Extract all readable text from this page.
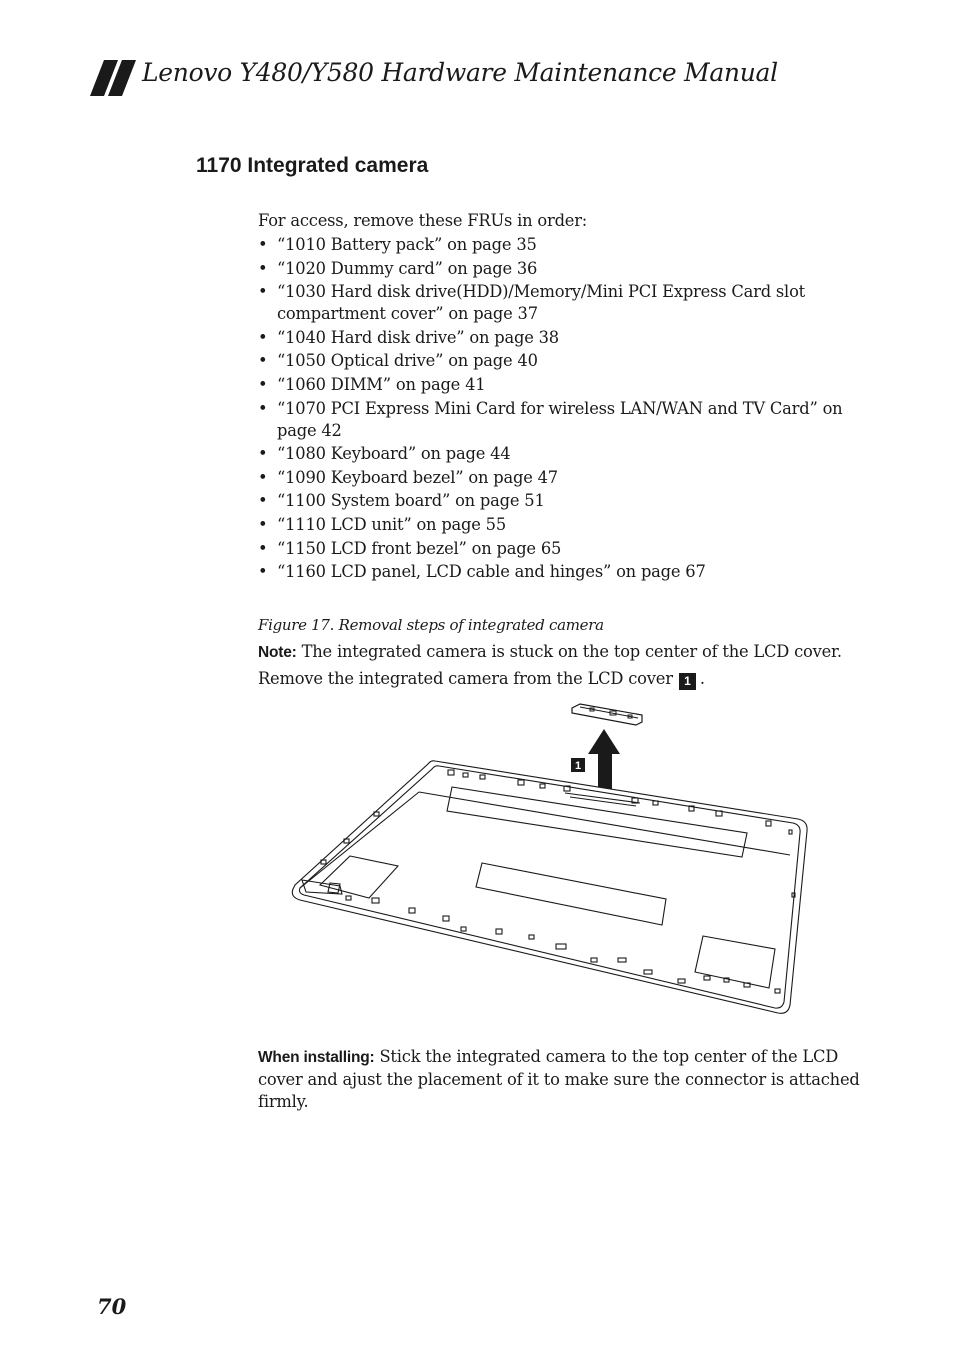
Lenovo Y480/Y580 Hardware Maintenance Manual
1170 Integrated camera
For access, remove these FRUs in order:
• “1010 Battery pack” on page 35
• “1020 Dummy card” on page 36
• “1030 Hard disk drive(HDD)/Memory/Mini PCI Express Card slot
compartment cover” on page 37
• “1040 Hard disk drive” on page 38
• “1050 Optical drive” on page 40
• “1060 DIMM” on page 41
• “1070 PCI Express Mini Card for wireless LAN/WAN and TV Card” on
page 42
• “1080 Keyboard” on page 44
• “1090 Keyboard bezel” on page 47
• “1100 System board” on page 51
• “1110 LCD unit” on page 55
• “1150 LCD front bezel” on page 65
• “1160 LCD panel, LCD cable and hinges” on page 67
Figure 17. Removal steps of integrated camera
Note: The integrated camera is stuck on the top center of the LCD cover.
Remove the integrated camera from the LCD cover 1 .
1
When installing: Stick the integrated camera to the top center of the LCD cover and ajust the placement of it to make sure the connector is attached firmly.
70
